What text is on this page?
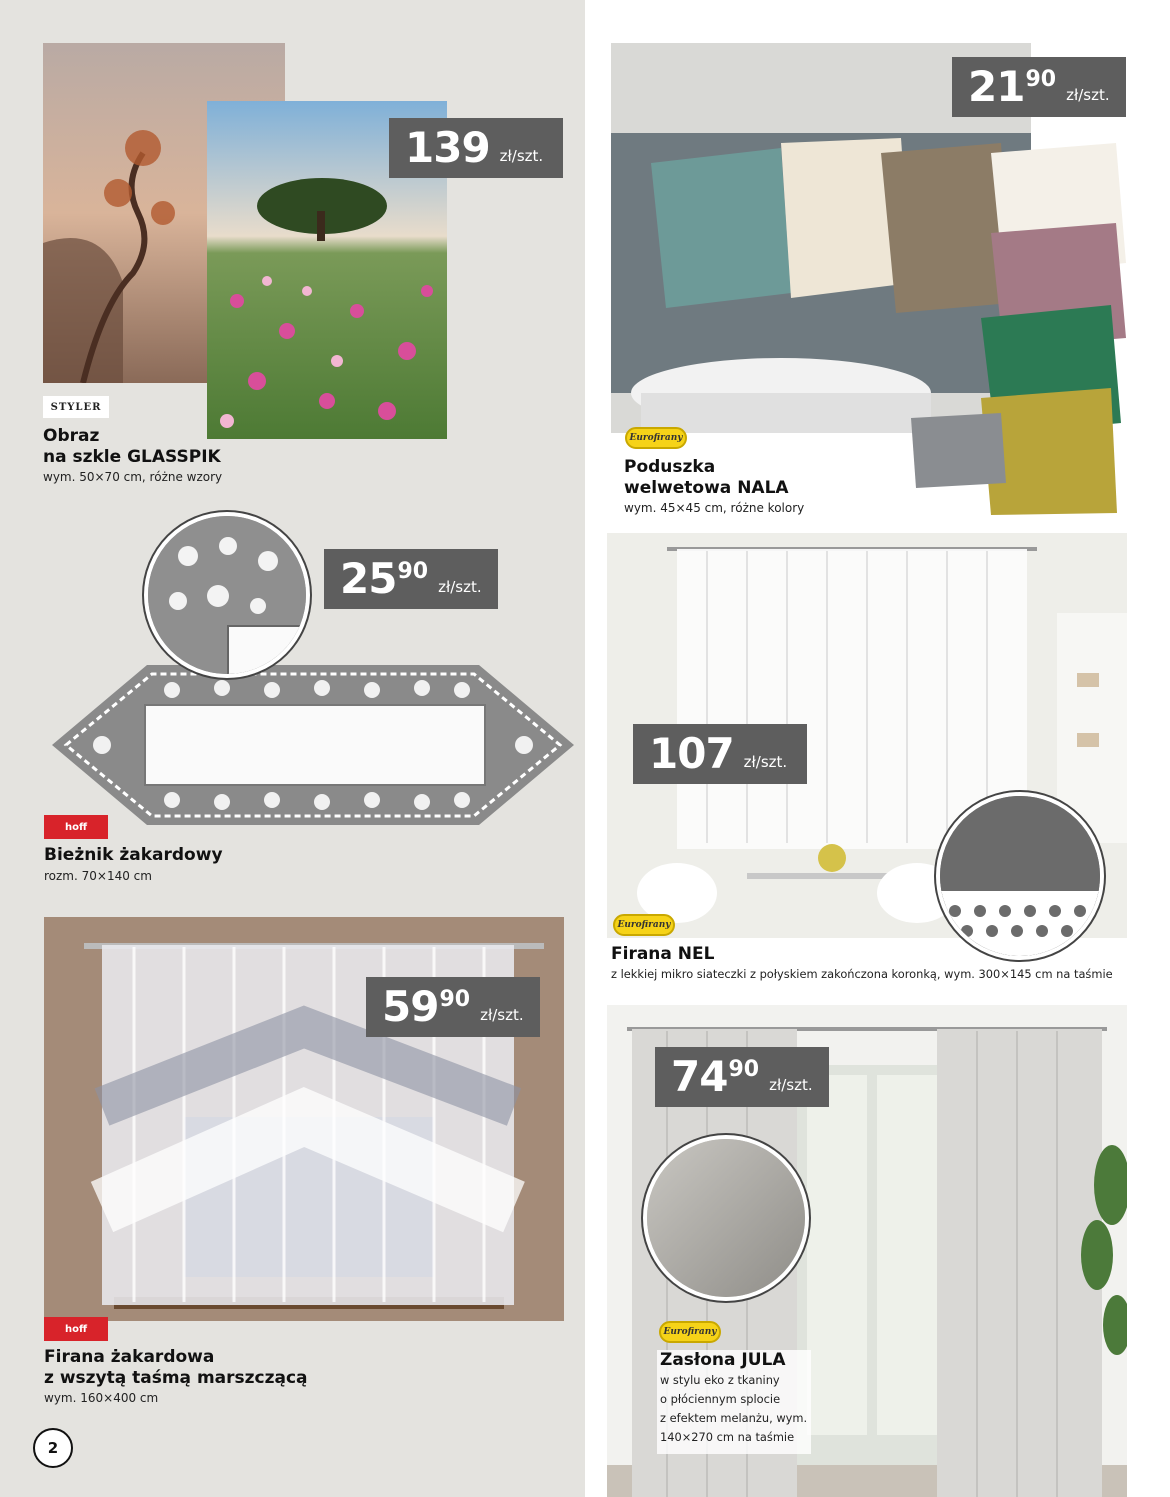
139 zł/szt.
STYLER
Obraz
na szkle GLASSPIK
wym. 50×70 cm, różne wzory
25 90
zł/szt.
hoff
Bieżnik żakardowy
rozm. 70×140 cm
59 90
zł/szt.
hoff
Firana żakardowa
z wszytą taśmą marszczącą
wym. 160×400 cm
2
21 90
zł/szt.
Eurofirany
Poduszka
welwetowa NALA
wym. 45×45 cm, różne kolory
107 zł/szt.
Eurofirany
Firana NEL
z lekkiej mikro siateczki z połyskiem zakończona koronką, wym. 300×145 cm na taśmie
74 90
zł/szt.
Eurofirany
Zasłona JULA
w stylu eko z tkaniny
o płóciennym splocie
z efektem melanżu, wym.
140×270 cm na taśmie
